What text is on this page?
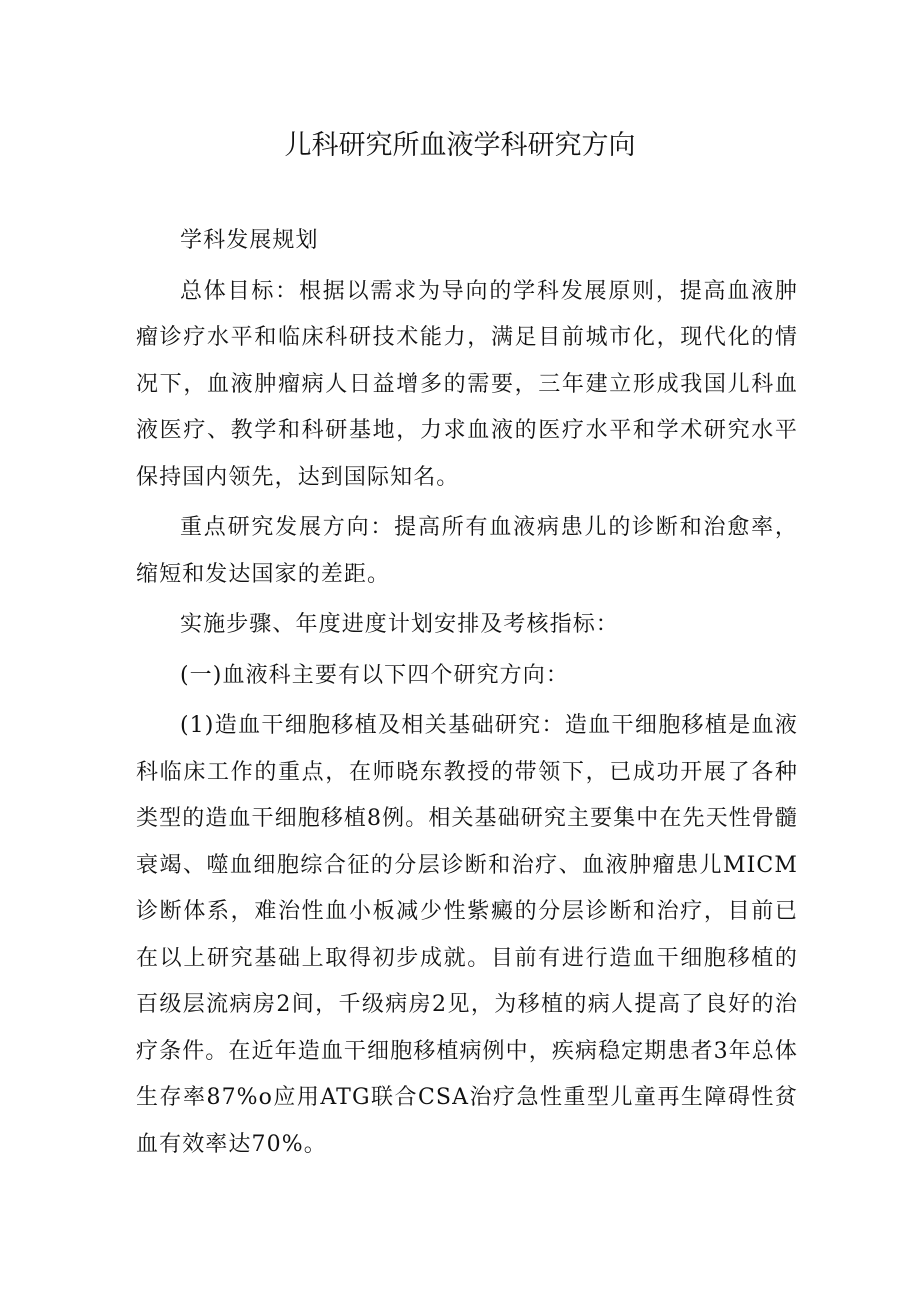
儿科研究所血液学科研究方向

学科发展规划

总体目标：根据以需求为导向的学科发展原则，提高血液肿瘤诊疗水平和临床科研技术能力，满足目前城市化，现代化的情况下，血液肿瘤病人日益增多的需要，三年建立形成我国儿科血液医疗、教学和科研基地，力求血液的医疗水平和学术研究水平保持国内领先，达到国际知名。

重点研究发展方向：提高所有血液病患儿的诊断和治愈率，缩短和发达国家的差距。

实施步骤、年度进度计划安排及考核指标：

(一)血液科主要有以下四个研究方向：

(1)造血干细胞移植及相关基础研究：造血干细胞移植是血液科临床工作的重点，在师晓东教授的带领下，已成功开展了各种类型的造血干细胞移植8例。相关基础研究主要集中在先天性骨髓衰竭、噬血细胞综合征的分层诊断和治疗、血液肿瘤患儿MICM诊断体系，难治性血小板减少性紫癜的分层诊断和治疗，目前已在以上研究基础上取得初步成就。目前有进行造血干细胞移植的百级层流病房2间，千级病房2见，为移植的病人提高了良好的治疗条件。在近年造血干细胞移植病例中，疾病稳定期患者3年总体生存率87%o应用ATG联合CSA治疗急性重型儿童再生障碍性贫血有效率达70%。
